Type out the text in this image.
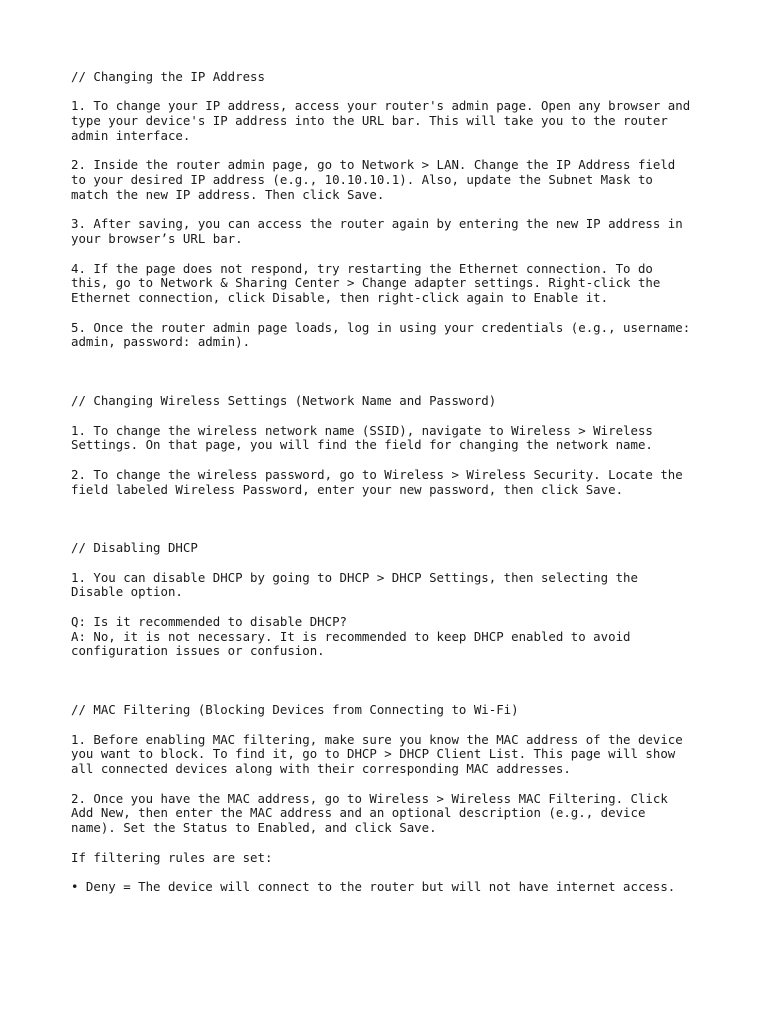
// Changing the IP Address
1. To change your IP address, access your router's admin page. Open any browser and
type your device's IP address into the URL bar. This will take you to the router
admin interface.
2. Inside the router admin page, go to Network > LAN. Change the IP Address field
to your desired IP address (e.g., 10.10.10.1). Also, update the Subnet Mask to
match the new IP address. Then click Save.
3. After saving, you can access the router again by entering the new IP address in
your browser’s URL bar.
4. If the page does not respond, try restarting the Ethernet connection. To do
this, go to Network & Sharing Center > Change adapter settings. Right-click the
Ethernet connection, click Disable, then right-click again to Enable it.
5. Once the router admin page loads, log in using your credentials (e.g., username:
admin, password: admin).
// Changing Wireless Settings (Network Name and Password)
1. To change the wireless network name (SSID), navigate to Wireless > Wireless
Settings. On that page, you will find the field for changing the network name.
2. To change the wireless password, go to Wireless > Wireless Security. Locate the
field labeled Wireless Password, enter your new password, then click Save.
// Disabling DHCP
1. You can disable DHCP by going to DHCP > DHCP Settings, then selecting the
Disable option.
Q: Is it recommended to disable DHCP?
A: No, it is not necessary. It is recommended to keep DHCP enabled to avoid
configuration issues or confusion.
// MAC Filtering (Blocking Devices from Connecting to Wi-Fi)
1. Before enabling MAC filtering, make sure you know the MAC address of the device
you want to block. To find it, go to DHCP > DHCP Client List. This page will show
all connected devices along with their corresponding MAC addresses.
2. Once you have the MAC address, go to Wireless > Wireless MAC Filtering. Click
Add New, then enter the MAC address and an optional description (e.g., device
name). Set the Status to Enabled, and click Save.
If filtering rules are set:
• Deny = The device will connect to the router but will not have internet access.
